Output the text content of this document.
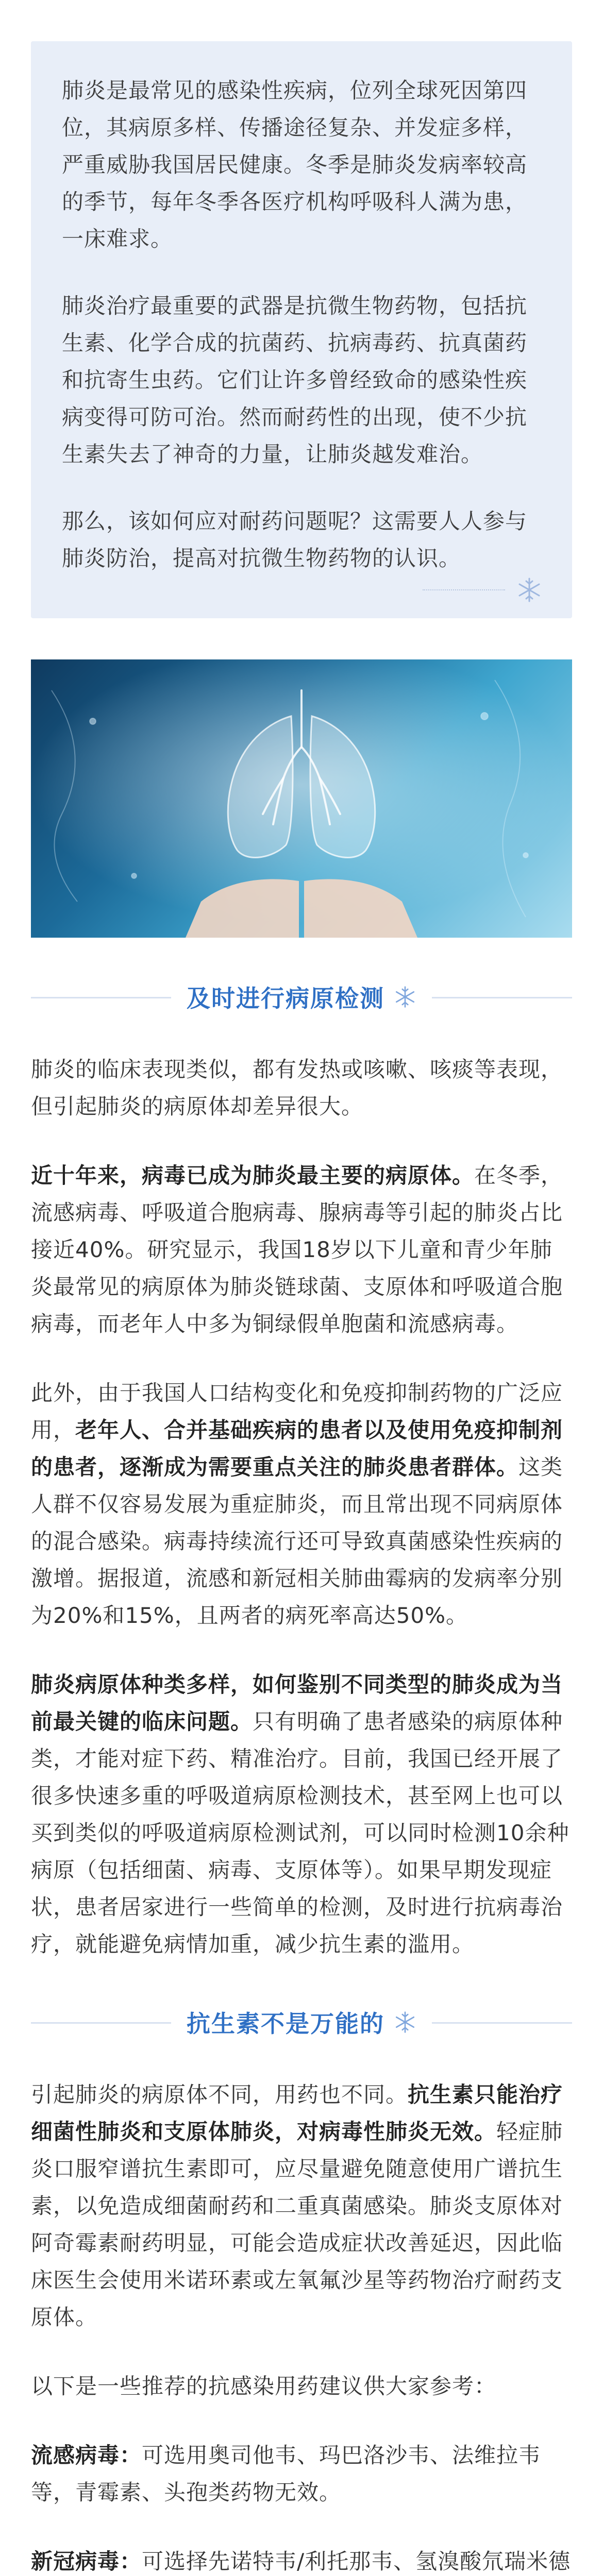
肺炎是最常见的感染性疾病，位列全球死因第四位，其病原多样、传播途径复杂、并发症多样，严重威胁我国居民健康。冬季是肺炎发病率较高的季节，每年冬季各医疗机构呼吸科人满为患，一床难求。

肺炎治疗最重要的武器是抗微生物药物，包括抗生素、化学合成的抗菌药、抗病毒药、抗真菌药和抗寄生虫药。它们让许多曾经致命的感染性疾病变得可防可治。然而耐药性的出现，使不少抗生素失去了神奇的力量，让肺炎越发难治。

那么，该如何应对耐药问题呢？这需要人人参与肺炎防治，提高对抗微生物药物的认识。

及时进行病原检测

肺炎的临床表现类似，都有发热或咳嗽、咳痰等表现，但引起肺炎的病原体却差异很大。

近十年来，病毒已成为肺炎最主要的病原体。在冬季，流感病毒、呼吸道合胞病毒、腺病毒等引起的肺炎占比接近40%。研究显示，我国18岁以下儿童和青少年肺炎最常见的病原体为肺炎链球菌、支原体和呼吸道合胞病毒，而老年人中多为铜绿假单胞菌和流感病毒。

此外，由于我国人口结构变化和免疫抑制药物的广泛应用，老年人、合并基础疾病的患者以及使用免疫抑制剂的患者，逐渐成为需要重点关注的肺炎患者群体。这类人群不仅容易发展为重症肺炎，而且常出现不同病原体的混合感染。病毒持续流行还可导致真菌感染性疾病的激增。据报道，流感和新冠相关肺曲霉病的发病率分别为20%和15%，且两者的病死率高达50%。

肺炎病原体种类多样，如何鉴别不同类型的肺炎成为当前最关键的临床问题。只有明确了患者感染的病原体种类，才能对症下药、精准治疗。目前，我国已经开展了很多快速多重的呼吸道病原检测技术，甚至网上也可以买到类似的呼吸道病原检测试剂，可以同时检测10余种病原（包括细菌、病毒、支原体等）。如果早期发现症状，患者居家进行一些简单的检测，及时进行抗病毒治疗，就能避免病情加重，减少抗生素的滥用。

抗生素不是万能的

引起肺炎的病原体不同，用药也不同。抗生素只能治疗细菌性肺炎和支原体肺炎，对病毒性肺炎无效。轻症肺炎口服窄谱抗生素即可，应尽量避免随意使用广谱抗生素，以免造成细菌耐药和二重真菌感染。肺炎支原体对阿奇霉素耐药明显，可能会造成症状改善延迟，因此临床医生会使用米诺环素或左氧氟沙星等药物治疗耐药支原体。

以下是一些推荐的抗感染用药建议供大家参考：

流感病毒：可选用奥司他韦、玛巴洛沙韦、法维拉韦等，青霉素、头孢类药物无效。

新冠病毒：可选择先诺特韦/利托那韦、氢溴酸氘瑞米德
